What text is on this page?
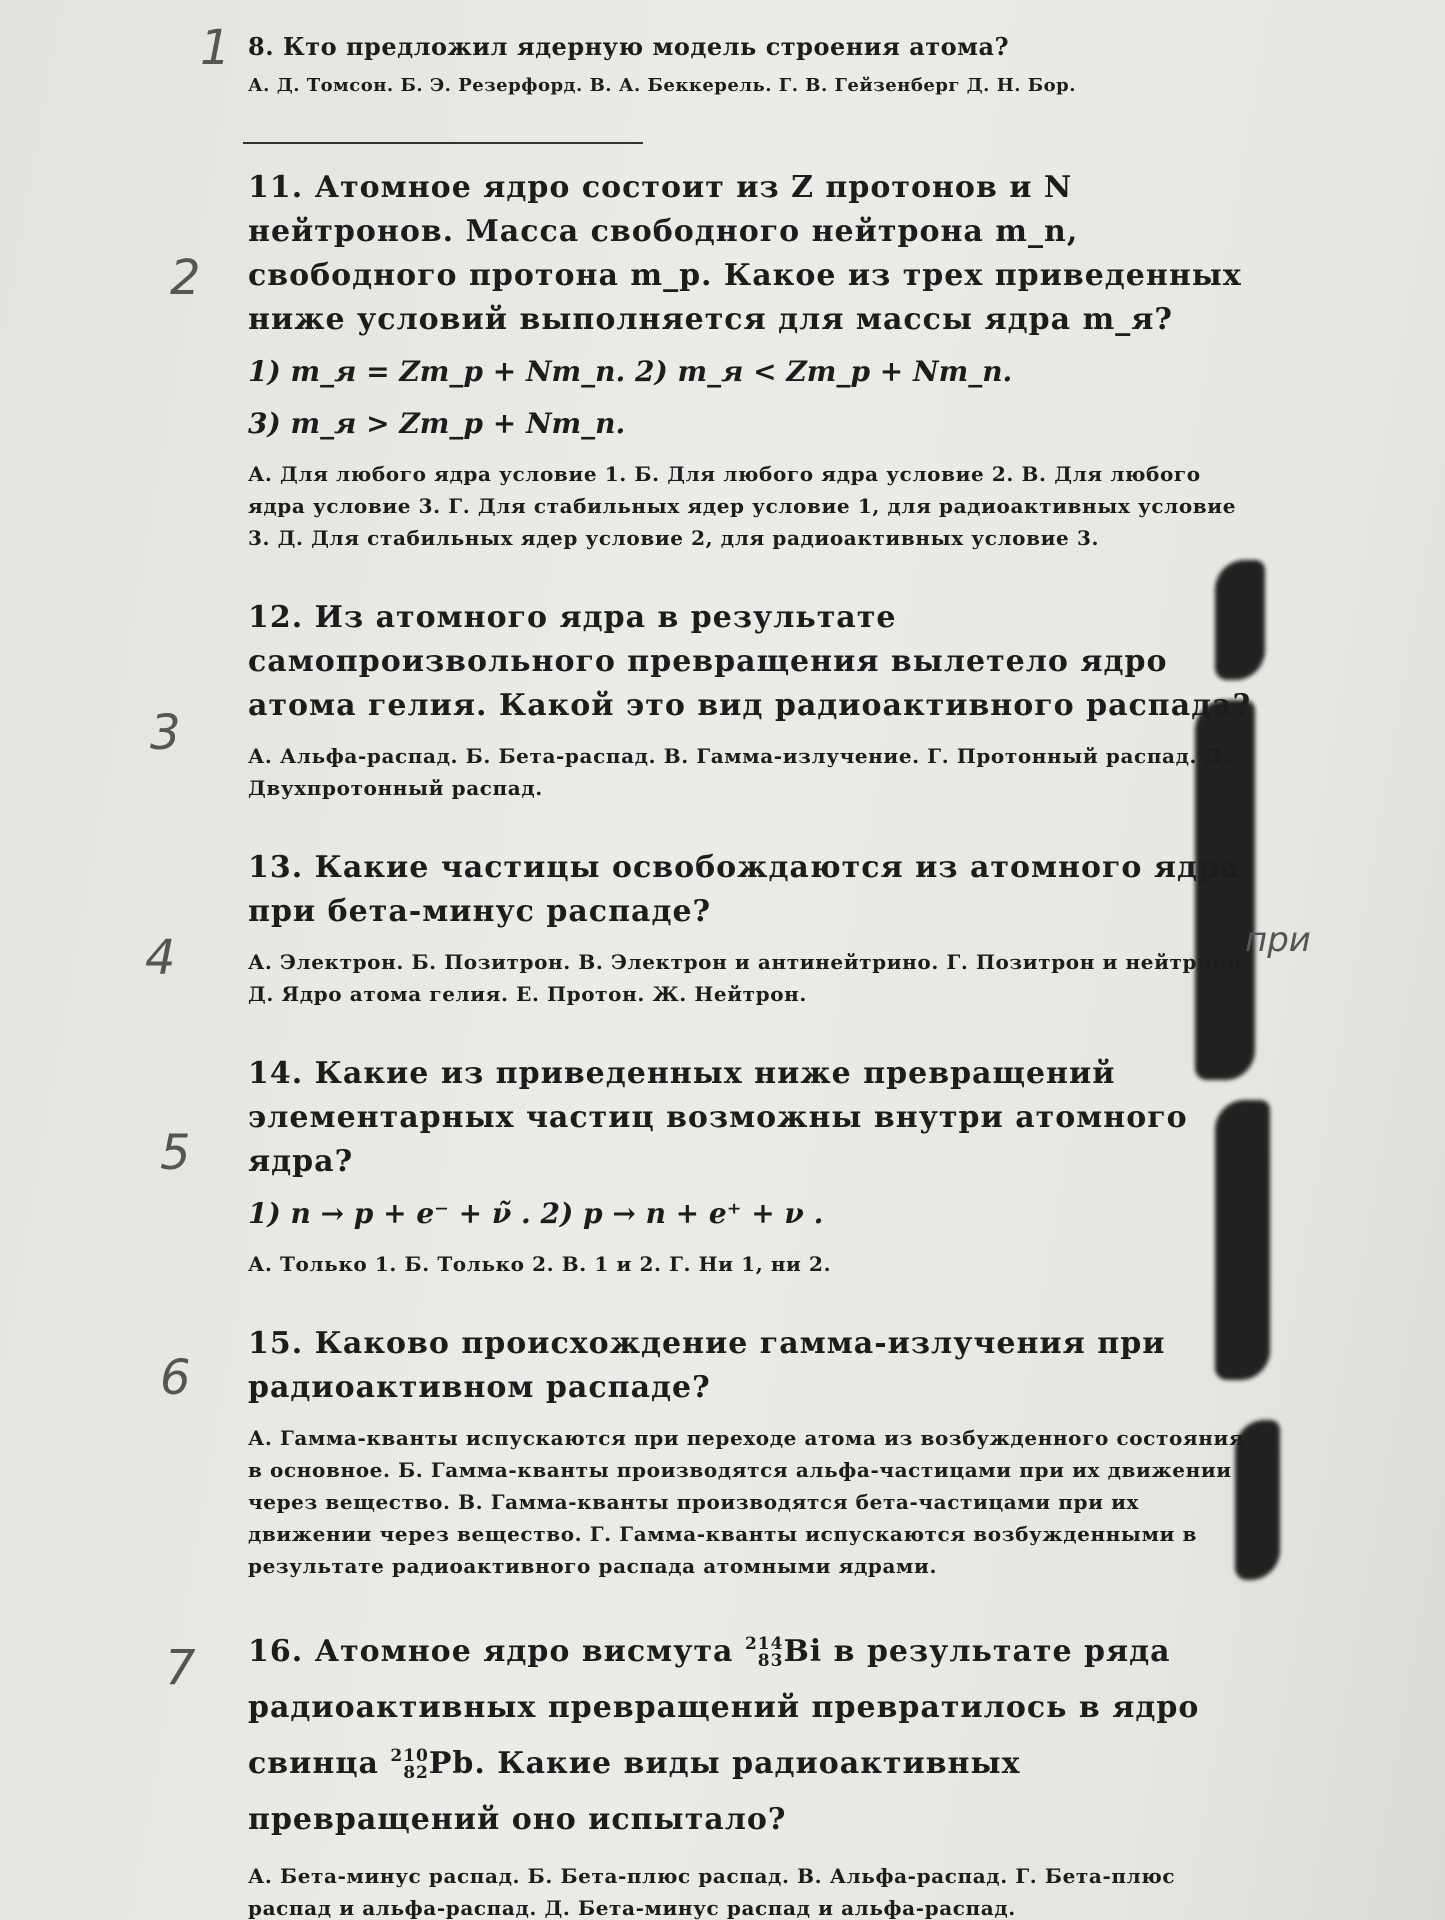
1
2
3
4
5
6
7
при
8. Кто предложил ядерную модель строения атома?
А. Д. Томсон. Б. Э. Резерфорд. В. А. Беккерель. Г. В. Гейзенберг Д. Н. Бор.
11. Атомное ядро состоит из Z протонов и N нейтронов. Масса свободного нейтрона m_n, свободного протона m_p. Какое из трех приведенных ниже условий выполняется для массы ядра m_я?
1) m_я = Zm_p + Nm_n. 2) m_я < Zm_p + Nm_n.
3) m_я > Zm_p + Nm_n.
А. Для любого ядра условие 1. Б. Для любого ядра условие 2. В. Для любого ядра условие 3. Г. Для стабильных ядер условие 1, для радиоактивных условие 3. Д. Для стабильных ядер условие 2, для радиоактивных условие 3.
12. Из атомного ядра в результате самопроизвольного превращения вылетело ядро атома гелия. Какой это вид радиоактивного распада?
А. Альфа-распад. Б. Бета-распад. В. Гамма-излучение. Г. Протонный распад. Д. Двухпротонный распад.
13. Какие частицы освобождаются из атомного ядра при бета-минус распаде?
А. Электрон. Б. Позитрон. В. Электрон и антинейтрино. Г. Позитрон и нейтрино. Д. Ядро атома гелия. Е. Протон. Ж. Нейтрон.
14. Какие из приведенных ниже превращений элементарных частиц возможны внутри атомного ядра?
1) n → p + e⁻ + ν̃ . 2) p → n + e⁺ + ν .
А. Только 1. Б. Только 2. В. 1 и 2. Г. Ни 1, ни 2.
15. Каково происхождение гамма-излучения при радиоактивном распаде?
А. Гамма-кванты испускаются при переходе атома из возбужденного состояния в основное. Б. Гамма-кванты производятся альфа-частицами при их движении через вещество. В. Гамма-кванты производятся бета-частицами при их движении через вещество. Г. Гамма-кванты испускаются возбужденными в результате радиоактивного распада атомными ядрами.
16. Атомное ядро висмута 214
83 Bi в результате ряда радиоактивных превращений превратилось в ядро свинца 210
82 Pb. Какие виды радиоактивных превращений оно испытало?
А. Бета-минус распад. Б. Бета-плюс распад. В. Альфа-распад. Г. Бета-плюс распад и альфа-распад. Д. Бета-минус распад и альфа-распад.
